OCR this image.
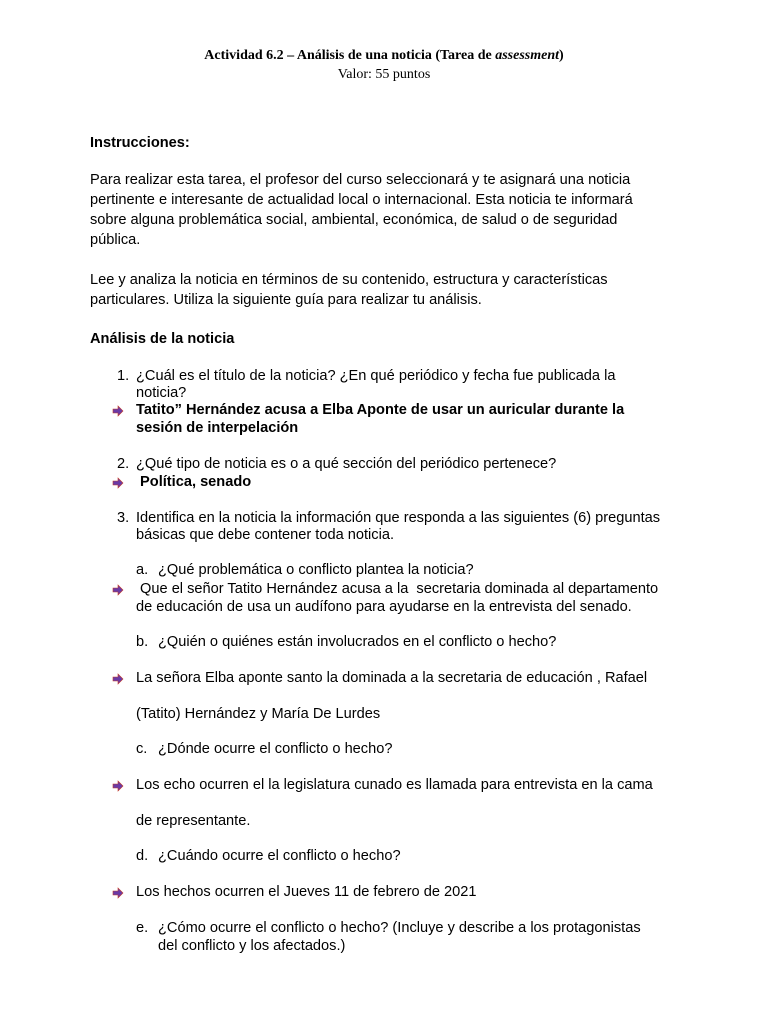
Actividad 6.2 – Análisis de una noticia (Tarea de assessment)
Valor: 55 puntos
Instrucciones:
Para realizar esta tarea, el profesor del curso seleccionará y te asignará una noticia
pertinente e interesante de actualidad local o internacional. Esta noticia te informará
sobre alguna problemática social, ambiental, económica, de salud o de seguridad
pública.
Lee y analiza la noticia en términos de su contenido, estructura y características
particulares. Utiliza la siguiente guía para realizar tu análisis.
Análisis de la noticia
1. ¿Cuál es el título de la noticia? ¿En qué periódico y fecha fue publicada la
noticia?
Tatito” Hernández acusa a Elba Aponte de usar un auricular durante la
sesión de interpelación
2. ¿Qué tipo de noticia es o a qué sección del periódico pertenece?
Política, senado
3. Identifica en la noticia la información que responda a las siguientes (6) preguntas
básicas que debe contener toda noticia.
a. ¿Qué problemática o conflicto plantea la noticia?
Que el señor Tatito Hernández acusa a la  secretaria dominada al departamento
de educación de usa un audífono para ayudarse en la entrevista del senado.
b. ¿Quién o quiénes están involucrados en el conflicto o hecho?
La señora Elba aponte santo la dominada a la secretaria de educación , Rafael
(Tatito) Hernández y María De Lurdes
c. ¿Dónde ocurre el conflicto o hecho?
Los echo ocurren el la legislatura cunado es llamada para entrevista en la cama
de representante.
d. ¿Cuándo ocurre el conflicto o hecho?
Los hechos ocurren el Jueves 11 de febrero de 2021
e. ¿Cómo ocurre el conflicto o hecho? (Incluye y describe a los protagonistas
del conflicto y los afectados.)
